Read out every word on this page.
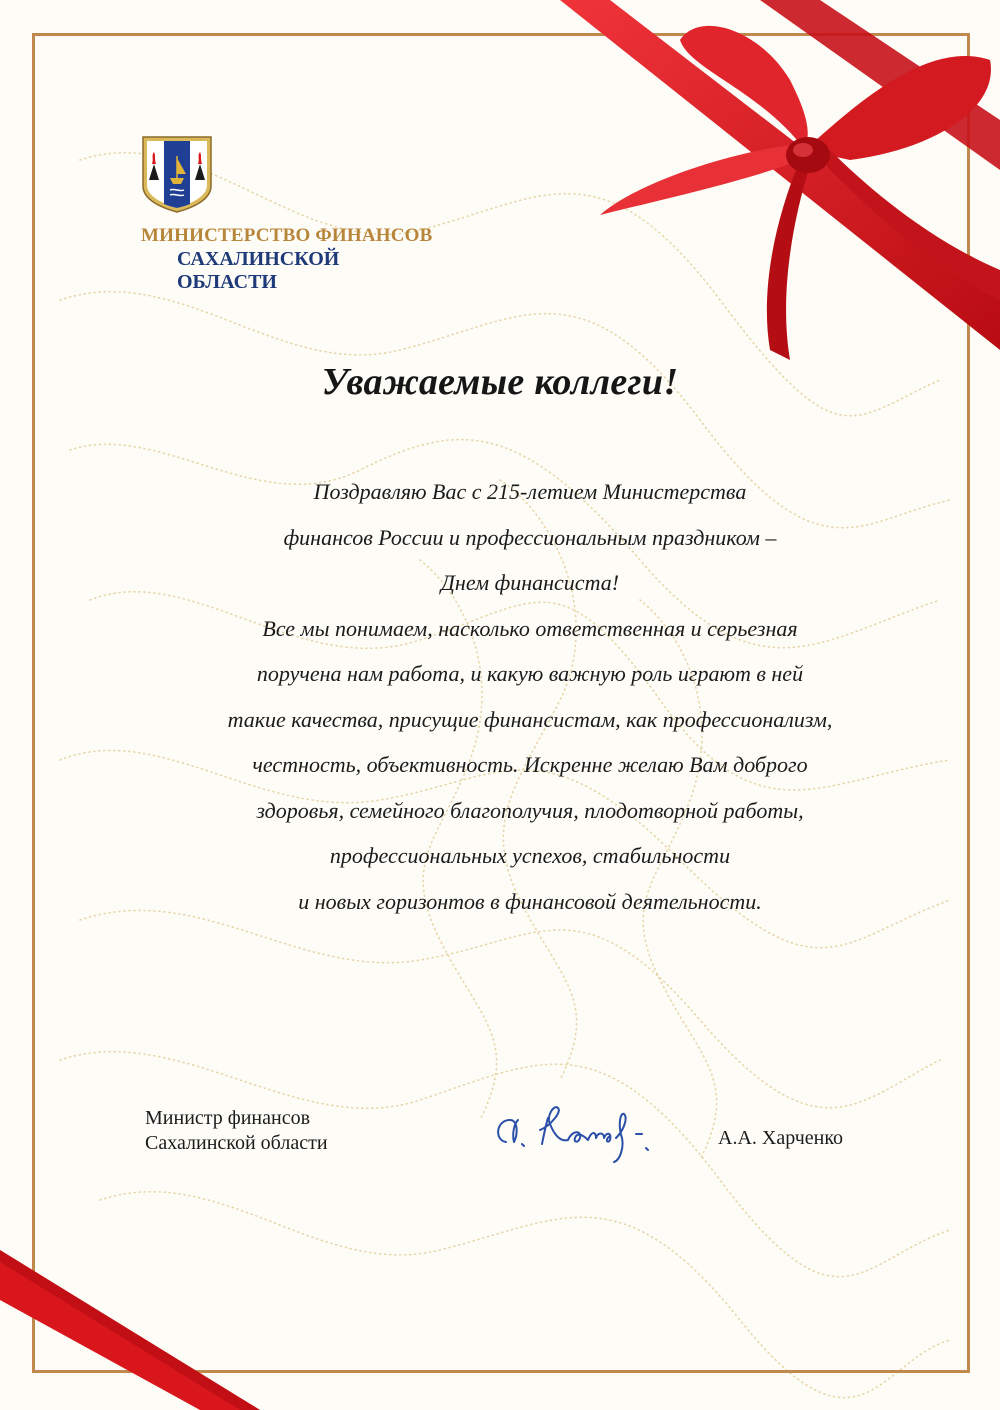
МИНИСТЕРСТВО ФИНАНСОВ
САХАЛИНСКОЙ
ОБЛАСТИ
Уважаемые коллеги!
Поздравляю Вас с 215-летием Министерства
финансов России и профессиональным праздником –
Днем финансиста!
Все мы понимаем, насколько ответственная и серьезная
поручена нам работа, и какую важную роль играют в ней
такие качества, присущие финансистам, как профессионализм,
честность, объективность. Искренне желаю Вам доброго
здоровья, семейного благополучия, плодотворной работы,
профессиональных успехов, стабильности
и новых горизонтов в финансовой деятельности.
Министр финансов
Сахалинской области	А.А. Харченко
